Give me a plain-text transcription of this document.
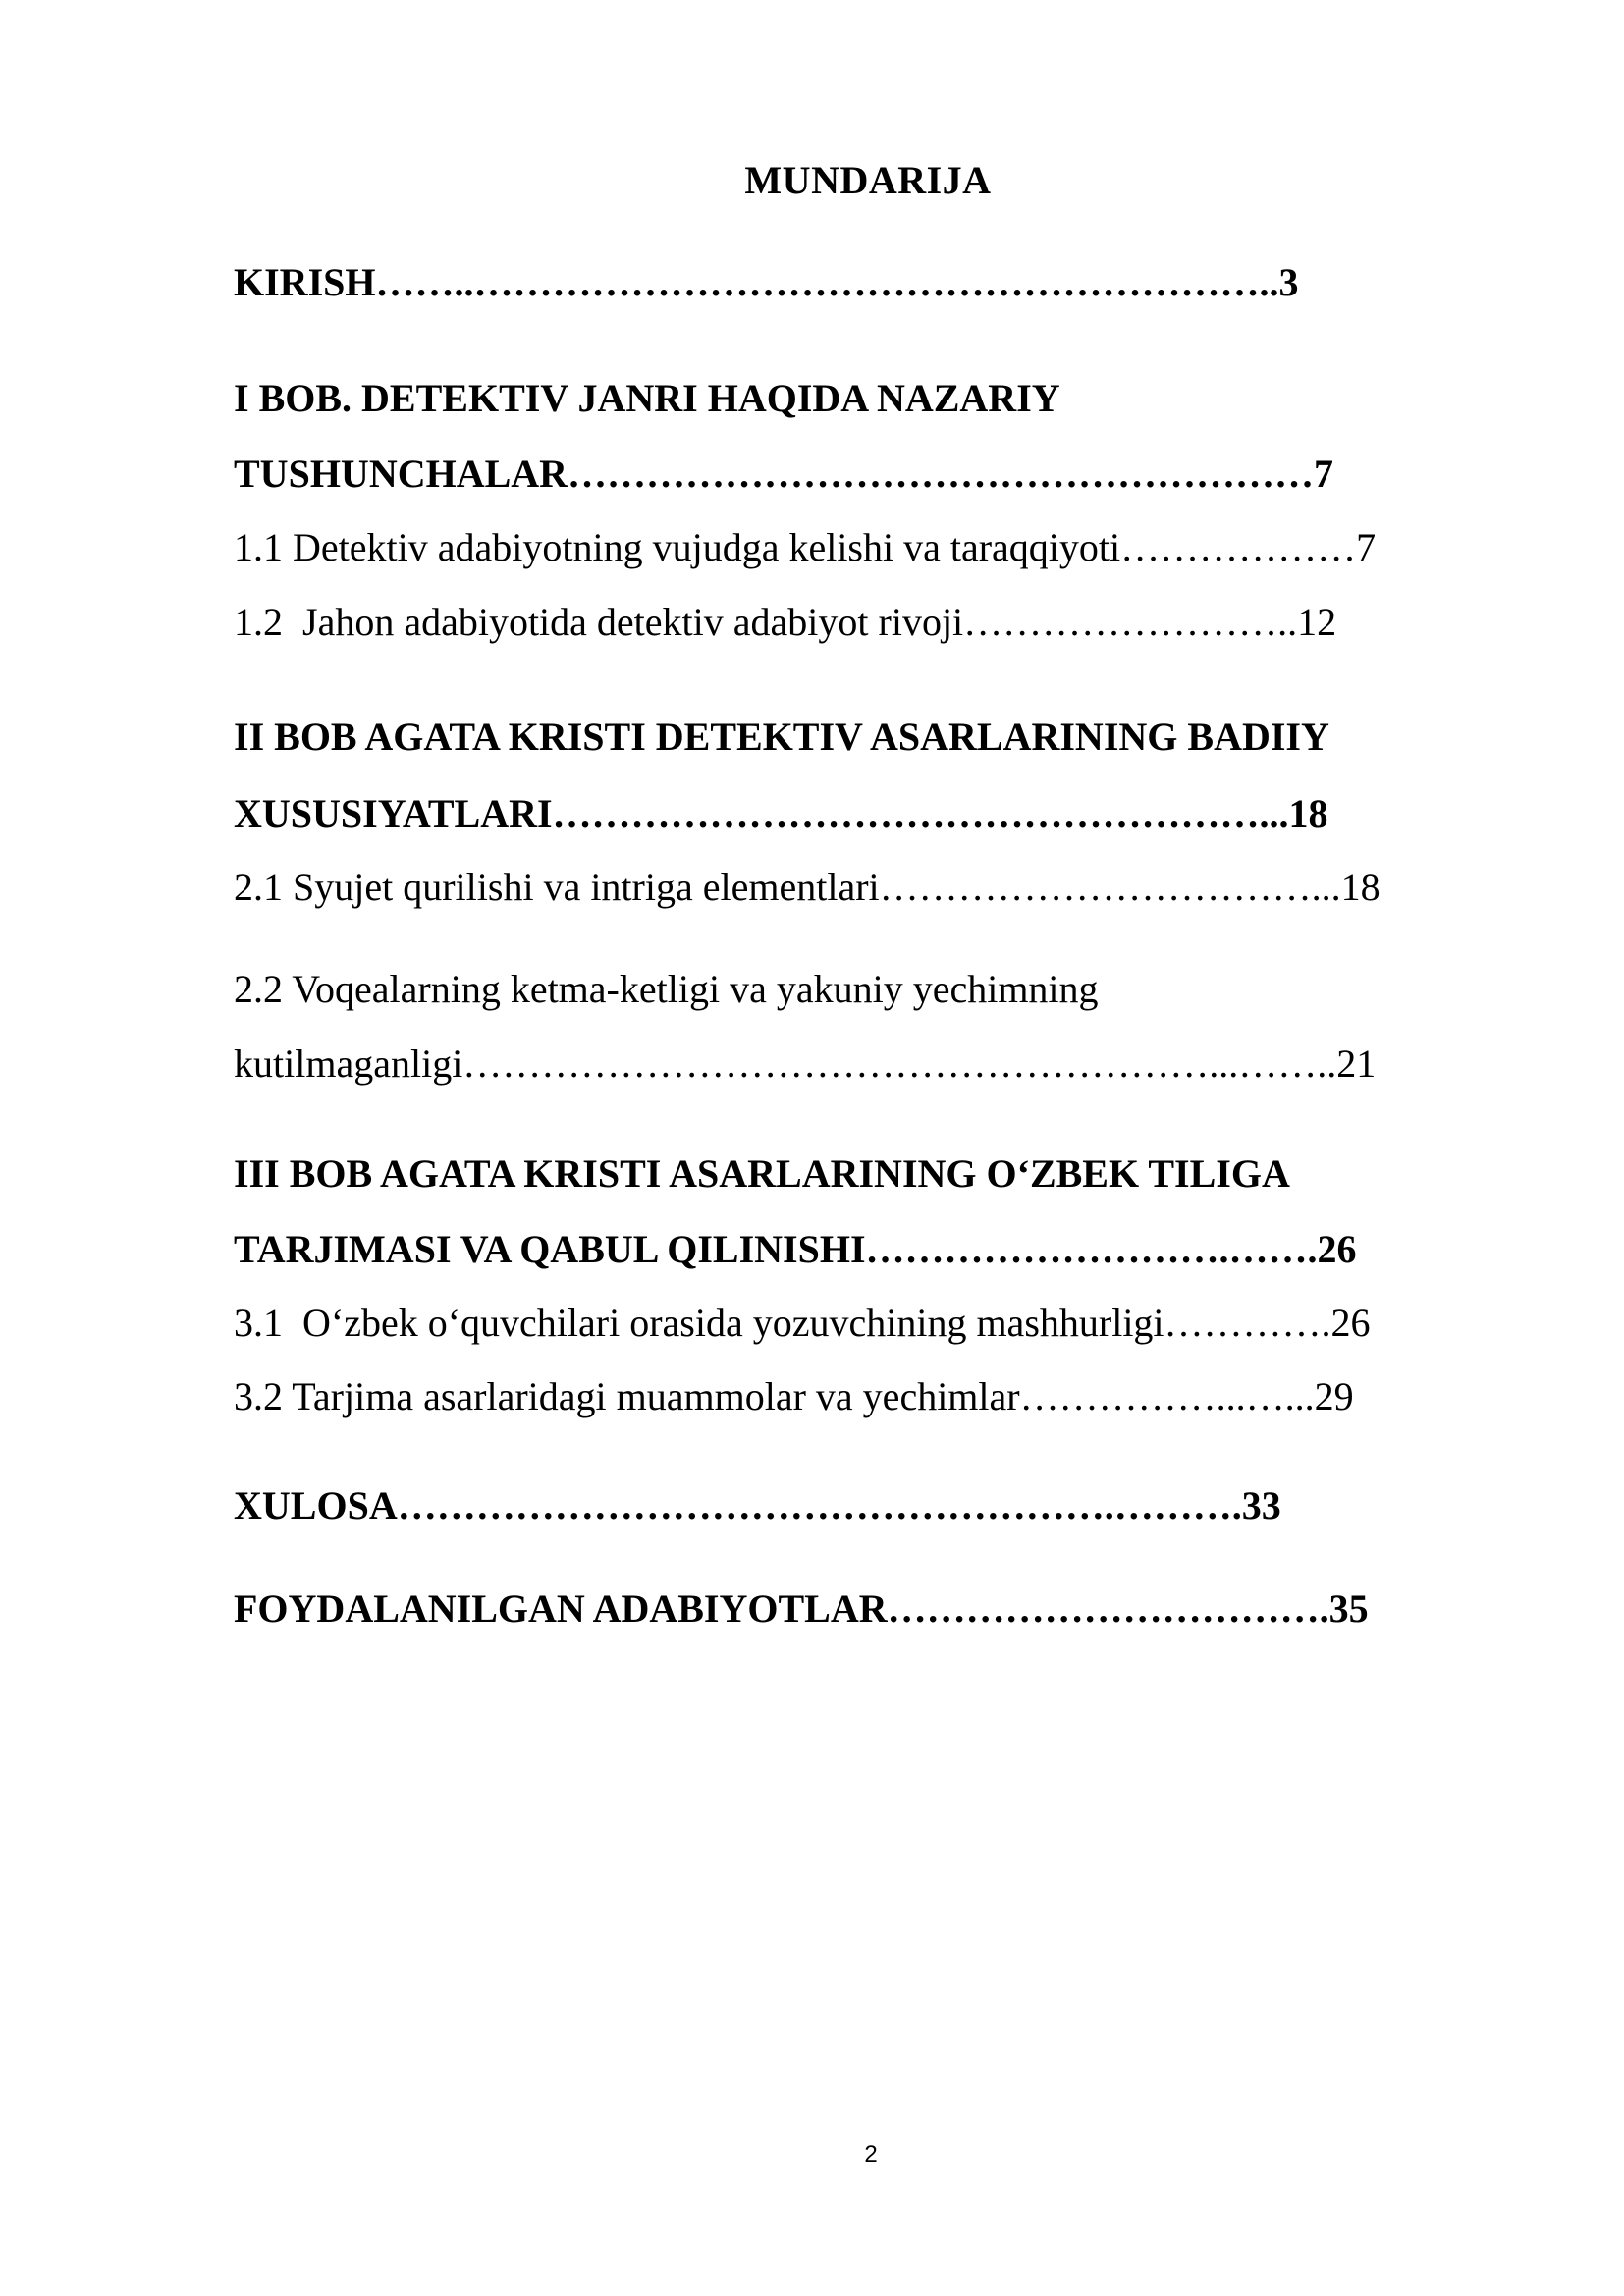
MUNDARIJA
KIRISH……..……………………………………………………..3
I BOB. DETEKTIV JANRI HAQIDA NAZARIY
TUSHUNCHALAR…………………………………………………7
1.1 Detektiv adabiyotning vujudga kelishi va taraqqiyoti………………7
1.2  Jahon adabiyotida detektiv adabiyot rivoji……………………..12
II BOB AGATA KRISTI DETEKTIV ASARLARINING BADIIY
XUSUSIYATLARI………………………………………………...18
2.1 Syujet qurilishi va intriga elementlari……………………………...18
2.2 Voqealarning ketma-ketligi va yakuniy yechimning
kutilmaganligi…………………………………………………...……..21
III BOB AGATA KRISTI ASARLARINING O‘ZBEK TILIGA
TARJIMASI VA QABUL QILINISHI……………………….…….26
3.1  O‘zbek o‘quvchilari orasida yozuvchining mashhurligi………….26
3.2 Tarjima asarlaridagi muammolar va yechimlar……………...…...29
XULOSA……………………………………………….……….33
FOYDALANILGAN ADABIYOTLAR…………………………….35
2
